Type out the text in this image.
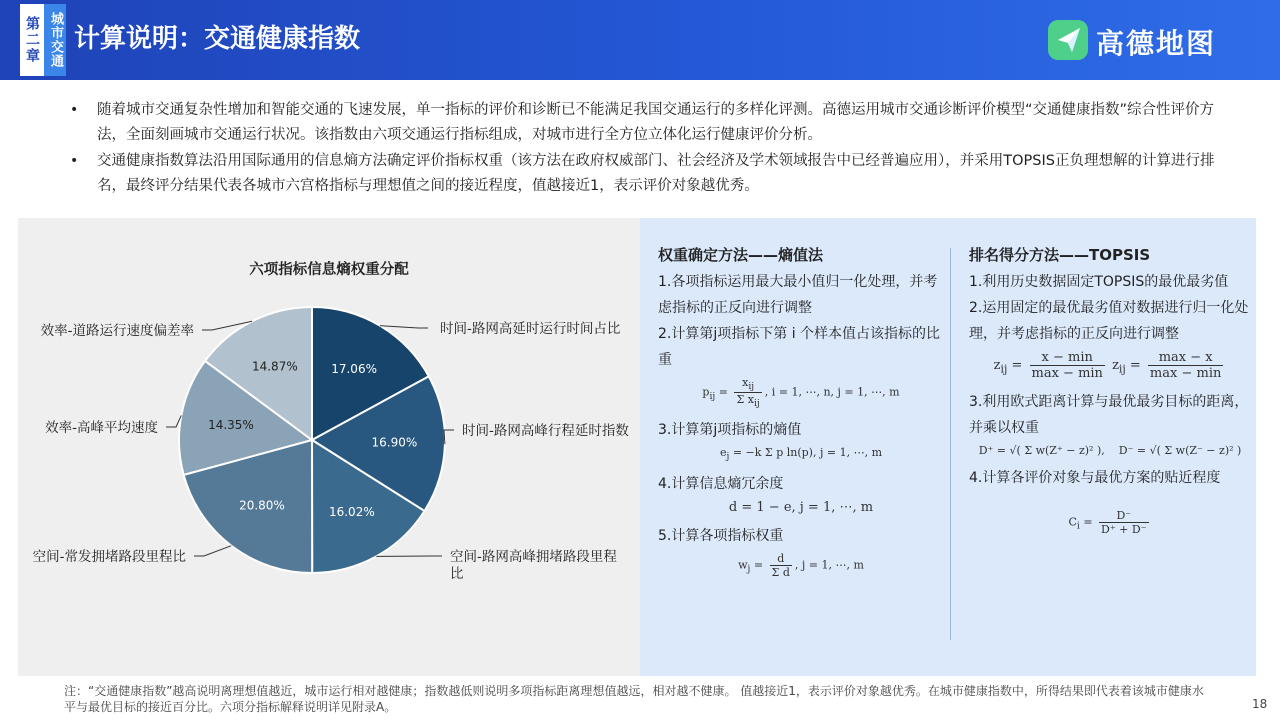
第二章 城市交通 计算说明：交通健康指数	高德地图
• 随着城市交通复杂性增加和智能交通的飞速发展，单一指标的评价和诊断已不能满足我国交通运行的多样化评测。高德运用城市交通诊断评价模型“交通健康指数”综合性评价方法，全面刻画城市交通运行状况。该指数由六项交通运行指标组成，对城市进行全方位立体化运行健康评价分析。
• 交通健康指数算法沿用国际通用的信息熵方法确定评价指标权重（该方法在政府权威部门、社会经济及学术领域报告中已经普遍应用），并采用TOPSIS正负理想解的计算进行排名，最终评分结果代表各城市六宫格指标与理想值之间的接近程度，值越接近1，表示评价对象越优秀。
17.06%
时间-路网高延时运行时间占比
16.90%
时间-路网高峰行程延时指数
16.02%
空间-路网高峰拥堵路段里程比
20.80%
空间-常发拥堵路段里程比
14.35%
效率-高峰平均速度
14.87%
效率-道路运行速度偏差率
六项指标信息熵权重分配
权重确定方法——熵值法
1.各项指标运用最大最小值归一化处理，并考虑指标的正反向进行调整
2.计算第j项指标下第 i 个样本值占该指标的比重
$p_{ij} = \frac{x_{ij}}{\Sigma x_{ij}}$ , i = 1, ⋯, n, j = 1, ⋯, m
3.计算第j项指标的熵值
$e_j = -k$ Σ p ln(p), j = 1, ⋯, m
4.计算信息熵冗余度
d = 1 − e, j = 1, ⋯, m
5.计算各项指标权重
$w_j = \frac{d}{\text{Σ d}}$ , j = 1, ⋯, m
排名得分方法——TOPSIS
1.利用历史数据固定TOPSIS的最优最劣值
2.运用固定的最优最劣值对数据进行归一化处理，并考虑指标的正反向进行调整
$z_{ij} = \frac{x - \min}{\max - \min} z_{ij} = \frac{\max - x}{\max - \min}$
3.利用欧式距离计算与最优最劣目标的距离，并乘以权重
D⁺ = √( Σ w(Z⁺ − z)² ), D⁻ = √( Σ w(Z⁻ − z)² )
4.计算各评价对象与最优方案的贴近程度
$C_i = \frac{D^-}{D^+ + D^-}$
注：“交通健康指数”越高说明离理想值越近，城市运行相对越健康；指数越低则说明多项指标距离理想值越远，相对越不健康。 值越接近1，表示评价对象越优秀。在城市健康指数中，所得结果即代表着该城市健康水平与最优目标的接近百分比。六项分指标解释说明详见附录A。	18
